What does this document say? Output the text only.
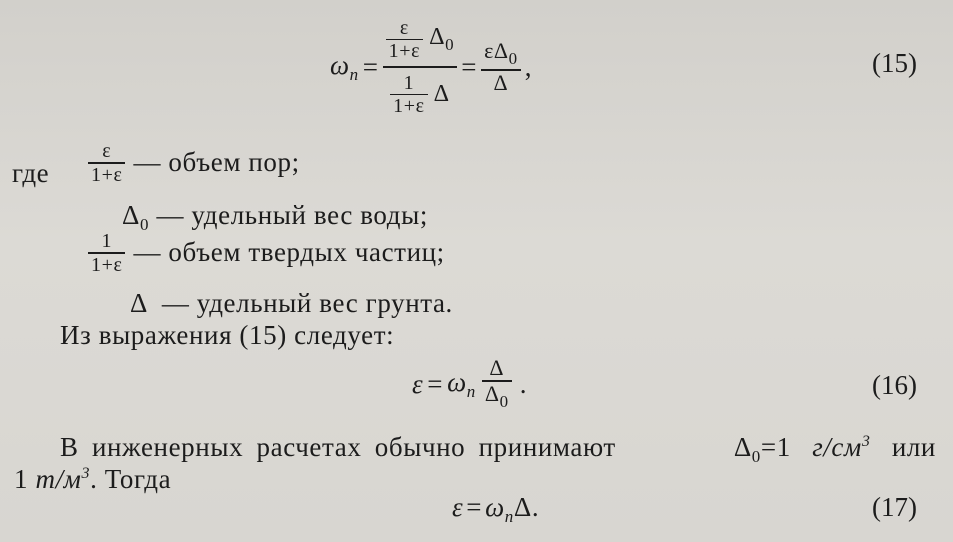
$\omega_n = \frac{\frac{\varepsilon}{1+\varepsilon} \Delta_0}{\frac{1}{1+\varepsilon} \Delta} = \frac{\varepsilon\Delta_0}{\Delta}$ ,	(15)
где $\frac{\varepsilon}{1+\varepsilon}$ — объем пор;
$\Delta_0$ — удельный вес воды;
$\frac{1}{1+\varepsilon}$ — объем твердых частиц;
Δ — удельный вес грунта.
Из выражения (15) следует:
$\varepsilon = \omega_n \frac{\Delta}{\Delta_0}$ .	(16)
В инженерных расчетах обычно принимают	$\Delta_0=1$ $г/см^3$ или
1 $т/м^3$. Тогда
$\varepsilon = \omega_n\Delta$.	(17)
